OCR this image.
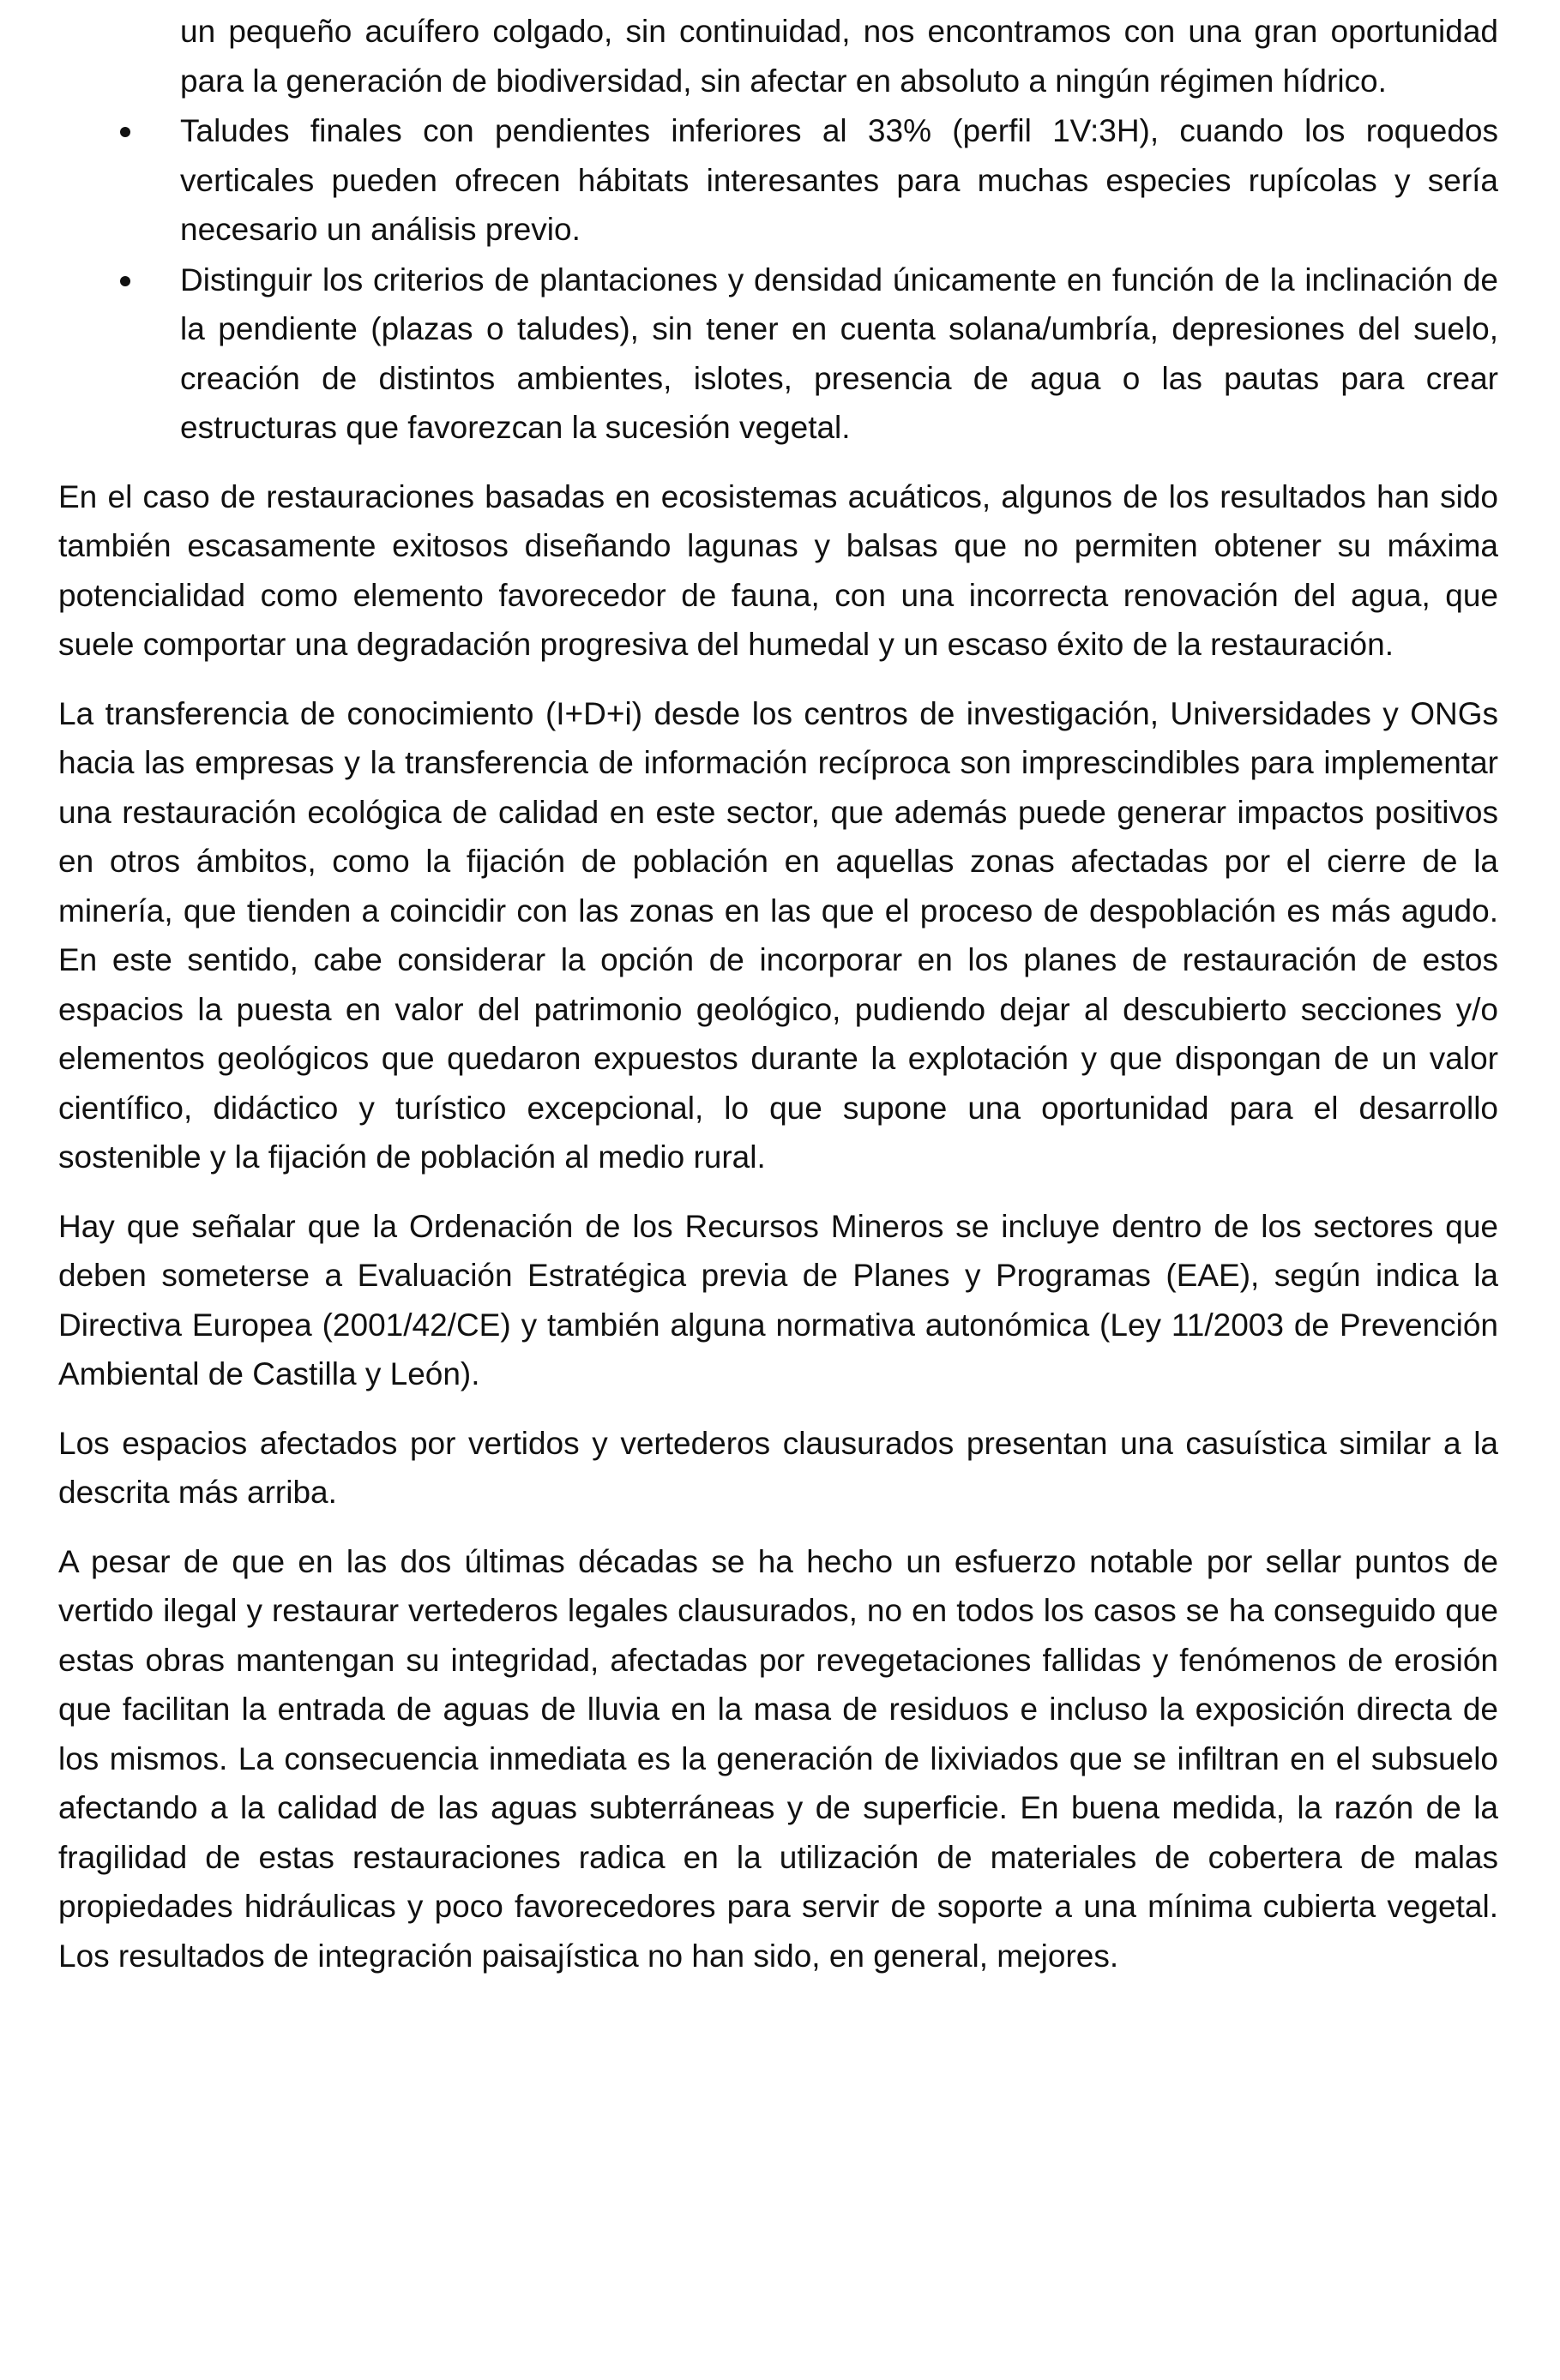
un pequeño acuífero colgado, sin continuidad, nos encontramos con una gran oportunidad para la generación de biodiversidad, sin afectar en absoluto a ningún régimen hídrico.
Taludes finales con pendientes inferiores al 33% (perfil 1V:3H), cuando los roquedos verticales pueden ofrecen hábitats interesantes para muchas especies rupícolas y sería necesario un análisis previo.
Distinguir los criterios de plantaciones y densidad únicamente en función de la inclinación de la pendiente (plazas o taludes), sin tener en cuenta solana/umbría, depresiones del suelo, creación de distintos ambientes, islotes, presencia de agua o las pautas para crear estructuras que favorezcan la sucesión vegetal.

En el caso de restauraciones basadas en ecosistemas acuáticos, algunos de los resultados han sido también escasamente exitosos diseñando lagunas y balsas que no permiten obtener su máxima potencialidad como elemento favorecedor de fauna, con una incorrecta renovación del agua, que suele comportar una degradación progresiva del humedal y un escaso éxito de la restauración.

La transferencia de conocimiento (I+D+i) desde los centros de investigación, Universidades y ONGs hacia las empresas y la transferencia de información recíproca son imprescindibles para implementar una restauración ecológica de calidad en este sector, que además puede generar impactos positivos en otros ámbitos, como la fijación de población en aquellas zonas afectadas por el cierre de la minería, que tienden a coincidir con las zonas en las que el proceso de despoblación es más agudo. En este sentido, cabe considerar la opción de incorporar en los planes de restauración de estos espacios la puesta en valor del patrimonio geológico, pudiendo dejar al descubierto secciones y/o elementos geológicos que quedaron expuestos durante la explotación y que dispongan de un valor científico, didáctico y turístico excepcional, lo que supone una oportunidad para el desarrollo sostenible y la fijación de población al medio rural.

Hay que señalar que la Ordenación de los Recursos Mineros se incluye dentro de los sectores que deben someterse a Evaluación Estratégica previa de Planes y Programas (EAE), según indica la Directiva Europea (2001/42/CE) y también alguna normativa autonómica (Ley 11/2003 de Prevención Ambiental de Castilla y León).

Los espacios afectados por vertidos y vertederos clausurados presentan una casuística similar a la descrita más arriba.

A pesar de que en las dos últimas décadas se ha hecho un esfuerzo notable por sellar puntos de vertido ilegal y restaurar vertederos legales clausurados, no en todos los casos se ha conseguido que estas obras mantengan su integridad, afectadas por revegetaciones fallidas y fenómenos de erosión que facilitan la entrada de aguas de lluvia en la masa de residuos e incluso la exposición directa de los mismos. La consecuencia inmediata es la generación de lixiviados que se infiltran en el subsuelo afectando a la calidad de las aguas subterráneas y de superficie. En buena medida, la razón de la fragilidad de estas restauraciones radica en la utilización de materiales de cobertera de malas propiedades hidráulicas y poco favorecedores para servir de soporte a una mínima cubierta vegetal. Los resultados de integración paisajística no han sido, en general, mejores.
